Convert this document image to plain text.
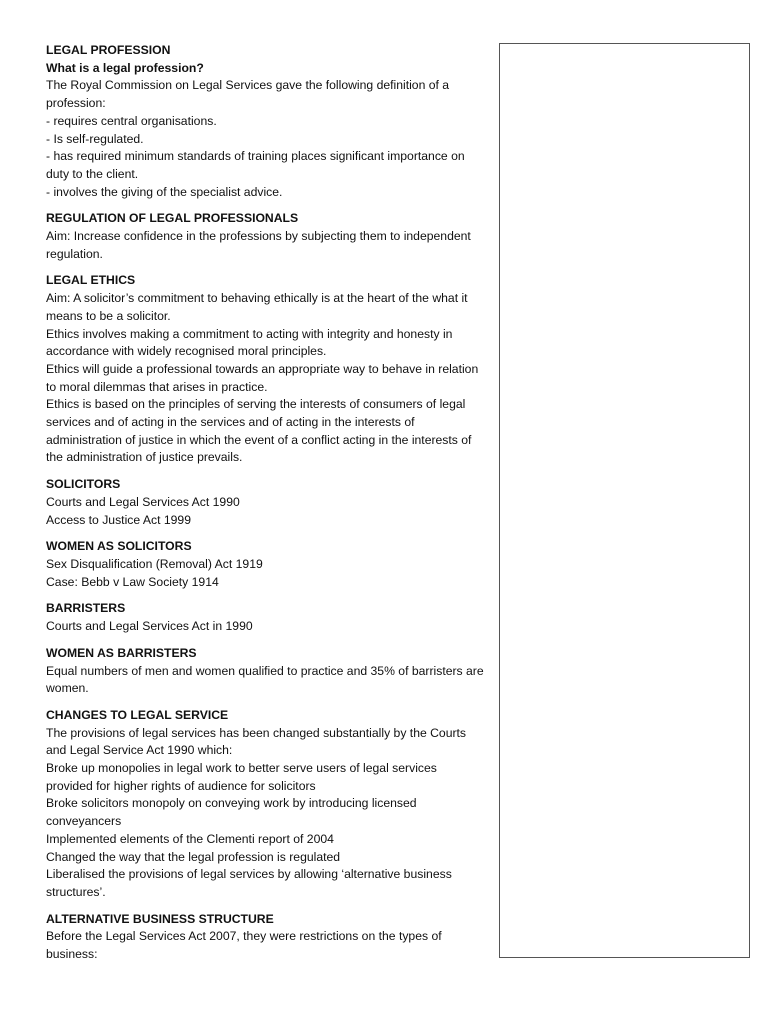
LEGAL PROFESSION
What is a legal profession?
The Royal Commission on Legal Services gave the following definition of a profession:
- requires central organisations.
- Is self-regulated.
- has required minimum standards of training places significant importance on duty to the client.
- involves the giving of the specialist advice.
REGULATION OF LEGAL PROFESSIONALS
Aim: Increase confidence in the professions by subjecting them to independent regulation.
LEGAL ETHICS
Aim: A solicitor’s commitment to behaving ethically is at the heart of the what it means to be a solicitor.
Ethics involves making a commitment to acting with integrity and honesty in accordance with widely recognised moral principles.
Ethics will guide a professional towards an appropriate way to behave in relation to moral dilemmas that arises in practice.
Ethics is based on the principles of serving the interests of consumers of legal services and of acting in the services and of acting in the interests of administration of justice in which the event of a conflict acting in the interests of the administration of justice prevails.
SOLICITORS
Courts and Legal Services Act 1990
Access to Justice Act 1999
WOMEN AS SOLICITORS
Sex Disqualification (Removal) Act 1919
Case: Bebb v Law Society 1914
BARRISTERS
Courts and Legal Services Act in 1990
WOMEN AS BARRISTERS
Equal numbers of men and women qualified to practice and 35% of barristers are women.
CHANGES TO LEGAL SERVICE
The provisions of legal services has been changed substantially by the Courts and Legal Service Act 1990 which:
Broke up monopolies in legal work to better serve users of legal services provided for higher rights of audience for solicitors
Broke solicitors monopoly on conveying work by introducing licensed conveyancers
Implemented elements of the Clementi report of 2004
Changed the way that the legal profession is regulated
Liberalised the provisions of legal services by allowing ‘alternative business structures’.
ALTERNATIVE BUSINESS STRUCTURE
Before the Legal Services Act 2007, they were restrictions on the types of business:
